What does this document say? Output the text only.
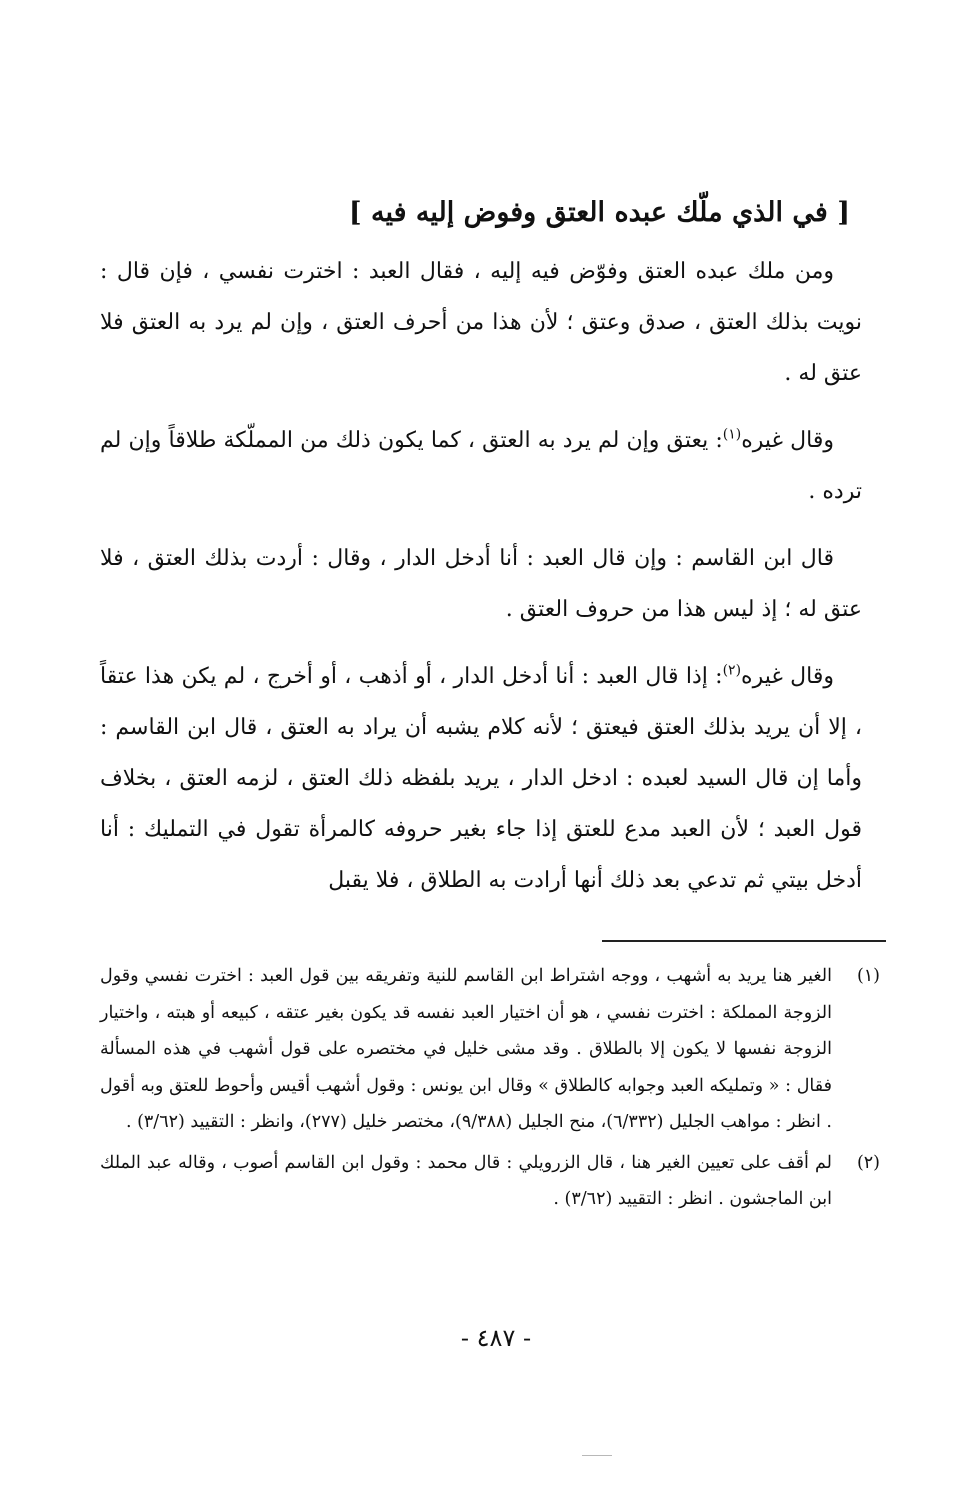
[ في الذي ملّك عبده العتق وفوض إليه فيه ]

ومن ملك عبده العتق وفوّض فيه إليه ، فقال العبد : اخترت نفسي ، فإن قال : نويت بذلك العتق ، صدق وعتق ؛ لأن هذا من أحرف العتق ، وإن لم يرد به العتق فلا عتق له .

وقال غيره$^{(١)}$: يعتق وإن لم يرد به العتق ، كما يكون ذلك من المملّكة طلاقاً وإن لم ترده .

قال ابن القاسم : وإن قال العبد : أنا أدخل الدار ، وقال : أردت بذلك العتق ، فلا عتق له ؛ إذ ليس هذا من حروف العتق .

وقال غيره$^{(٢)}$: إذا قال العبد : أنا أدخل الدار ، أو أذهب ، أو أخرج ، لم يكن هذا عتقاً ، إلا أن يريد بذلك العتق فيعتق ؛ لأنه كلام يشبه أن يراد به العتق ، قال ابن القاسم : وأما إن قال السيد لعبده : ادخل الدار ، يريد بلفظه ذلك العتق ، لزمه العتق ، بخلاف قول العبد ؛ لأن العبد مدع للعتق إذا جاء بغير حروفه كالمرأة تقول في التمليك : أنا أدخل بيتي ثم تدعي بعد ذلك أنها أرادت به الطلاق ، فلا يقبل

(١)
الغير هنا يريد به أشهب ، ووجه اشتراط ابن القاسم للنية وتفريقه بين قول العبد : اخترت نفسي وقول الزوجة المملكة : اخترت نفسي ، هو أن اختيار العبد نفسه قد يكون بغير عتقه ، كبيعه أو هبته ، واختيار الزوجة نفسها لا يكون إلا بالطلاق . وقد مشى خليل في مختصره على قول أشهب في هذه المسألة فقال : « وتمليكه العبد وجوابه كالطلاق » وقال ابن يونس : وقول أشهب أقيس وأحوط للعتق وبه أقول . انظر : مواهب الجليل (٦/٣٣٢)، منح الجليل (٩/٣٨٨)، مختصر خليل (٢٧٧)، وانظر : التقييد (٣/٦٢) .

(٢)
لم أقف على تعيين الغير هنا ، قال الزرويلي : قال محمد : وقول ابن القاسم أصوب ، وقاله عبد الملك ابن الماجشون . انظر : التقييد (٣/٦٢) .

- ٤٨٧ -
